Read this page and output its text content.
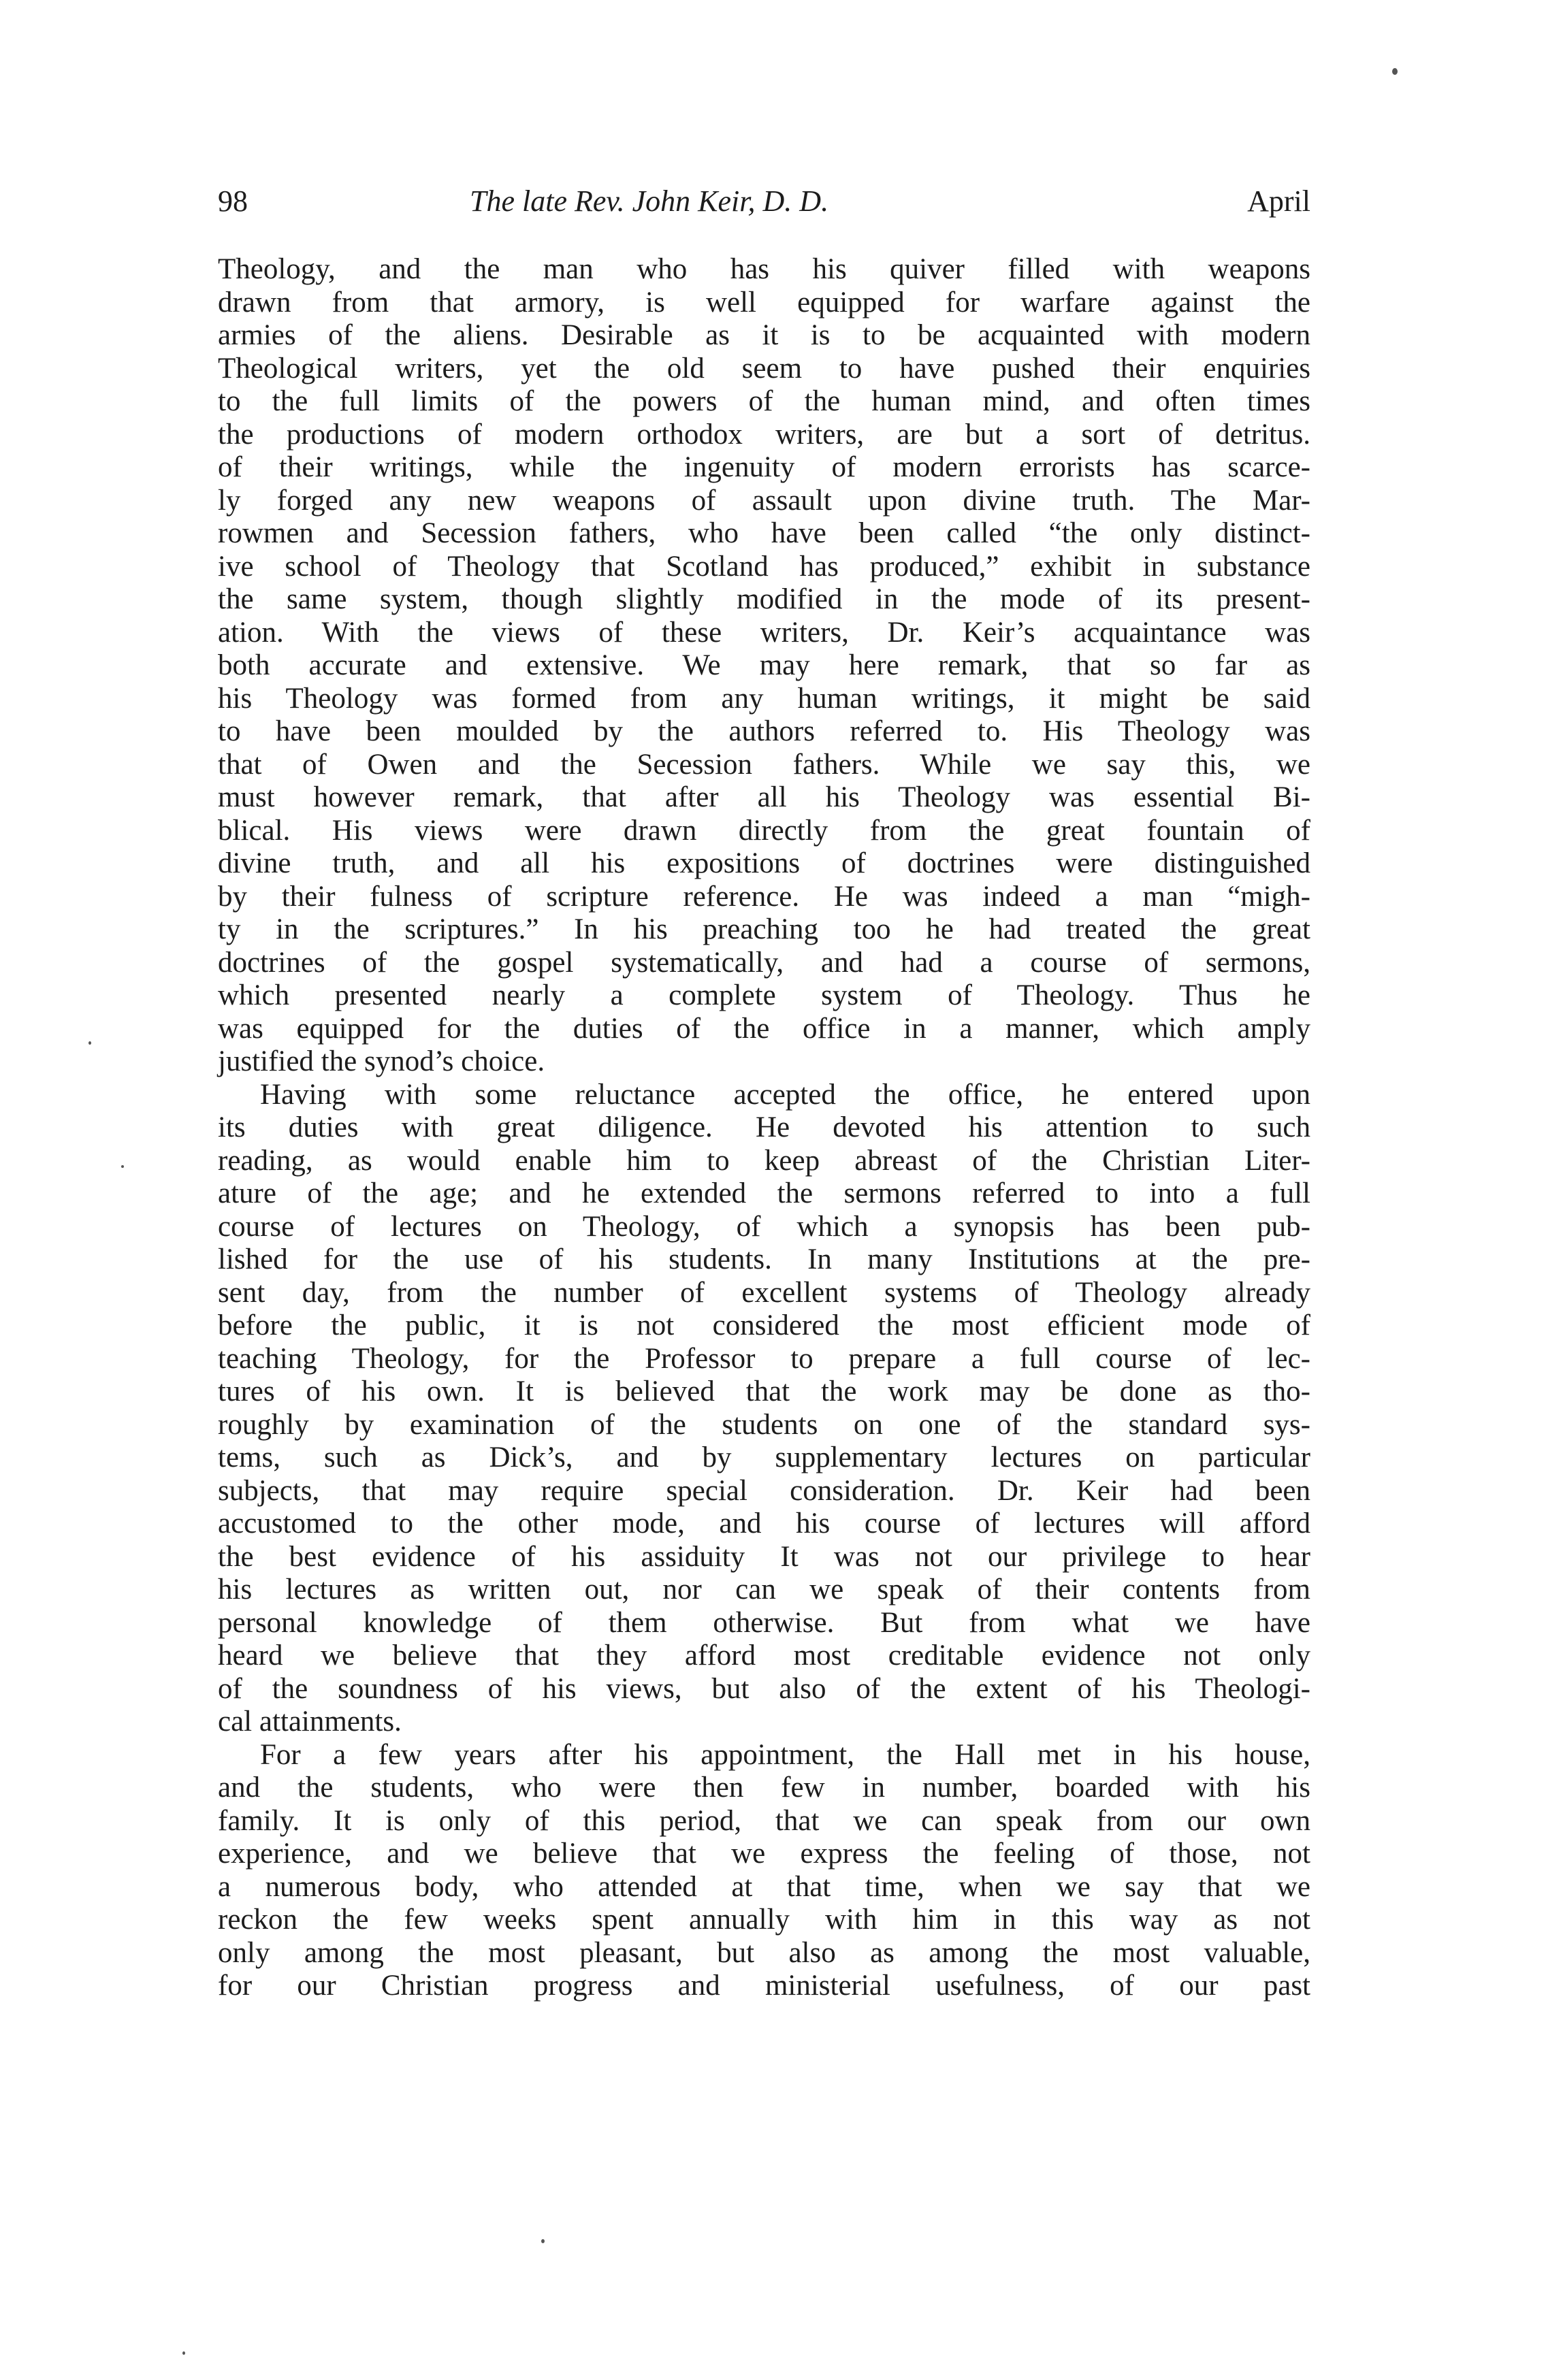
98	The late Rev. John Keir, D. D.	April
Theology, and the man who has his quiver filled with weapons
drawn from that armory, is well equipped for warfare against the
armies of the aliens. Desirable as it is to be acquainted with modern
Theological writers, yet the old seem to have pushed their enquiries
to the full limits of the powers of the human mind, and often times
the productions of modern orthodox writers, are but a sort of detritus.
of their writings, while the ingenuity of modern errorists has scarce-
ly forged any new weapons of assault upon divine truth. The Mar-
rowmen and Secession fathers, who have been called “the only distinct-
ive school of Theology that Scotland has produced,” exhibit in substance
the same system, though slightly modified in the mode of its present-
ation. With the views of these writers, Dr. Keir’s acquaintance was
both accurate and extensive. We may here remark, that so far as
his Theology was formed from any human writings, it might be said
to have been moulded by the authors referred to. His Theology was
that of Owen and the Secession fathers. While we say this, we
must however remark, that after all his Theology was essential Bi-
blical. His views were drawn directly from the great fountain of
divine truth, and all his expositions of doctrines were distinguished
by their fulness of scripture reference. He was indeed a man “migh-
ty in the scriptures.” In his preaching too he had treated the great
doctrines of the gospel systematically, and had a course of sermons,
which presented nearly a complete system of Theology. Thus he
was equipped for the duties of the office in a manner, which amply
justified the synod’s choice.
Having with some reluctance accepted the office, he entered upon
its duties with great diligence. He devoted his attention to such
reading, as would enable him to keep abreast of the Christian Liter-
ature of the age; and he extended the sermons referred to into a full
course of lectures on Theology, of which a synopsis has been pub-
lished for the use of his students. In many Institutions at the pre-
sent day, from the number of excellent systems of Theology already
before the public, it is not considered the most efficient mode of
teaching Theology, for the Professor to prepare a full course of lec-
tures of his own. It is believed that the work may be done as tho-
roughly by examination of the students on one of the standard sys-
tems, such as Dick’s, and by supplementary lectures on particular
subjects, that may require special consideration. Dr. Keir had been
accustomed to the other mode, and his course of lectures will afford
the best evidence of his assiduity It was not our privilege to hear
his lectures as written out, nor can we speak of their contents from
personal knowledge of them otherwise. But from what we have
heard we believe that they afford most creditable evidence not only
of the soundness of his views, but also of the extent of his Theologi-
cal attainments.
For a few years after his appointment, the Hall met in his house,
and the students, who were then few in number, boarded with his
family. It is only of this period, that we can speak from our own
experience, and we believe that we express the feeling of those, not
a numerous body, who attended at that time, when we say that we
reckon the few weeks spent annually with him in this way as not
only among the most pleasant, but also as among the most valuable,
for our Christian progress and ministerial usefulness, of our past
